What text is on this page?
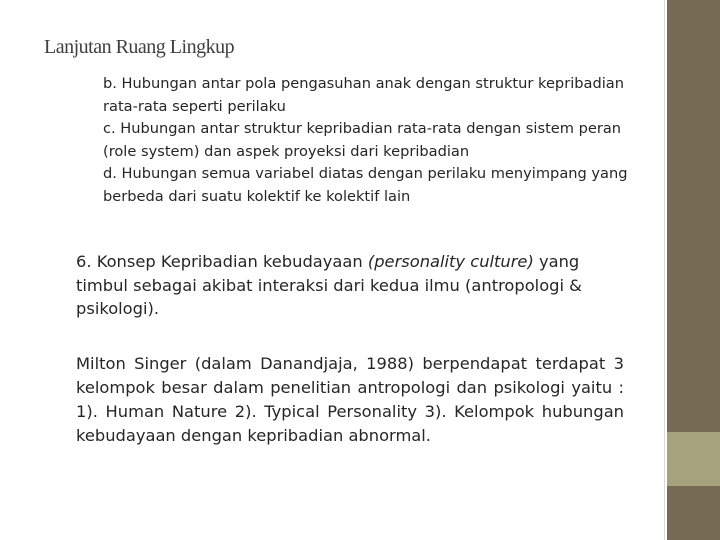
Lanjutan Ruang Lingkup

b. Hubungan antar pola pengasuhan anak dengan struktur kepribadian rata-rata seperti perilaku

c. Hubungan antar struktur kepribadian rata-rata dengan sistem peran (role system) dan aspek proyeksi dari kepribadian

d. Hubungan semua variabel diatas dengan perilaku menyimpang yang berbeda dari suatu kolektif ke kolektif lain

6. Konsep Kepribadian kebudayaan (personality culture) yang timbul sebagai akibat interaksi dari kedua ilmu (antropologi & psikologi).

Milton Singer (dalam Danandjaja, 1988) berpendapat terdapat 3 kelompok besar dalam penelitian antropologi dan psikologi yaitu : 1). Human Nature 2). Typical Personality 3). Kelompok hubungan kebudayaan dengan kepribadian abnormal.
